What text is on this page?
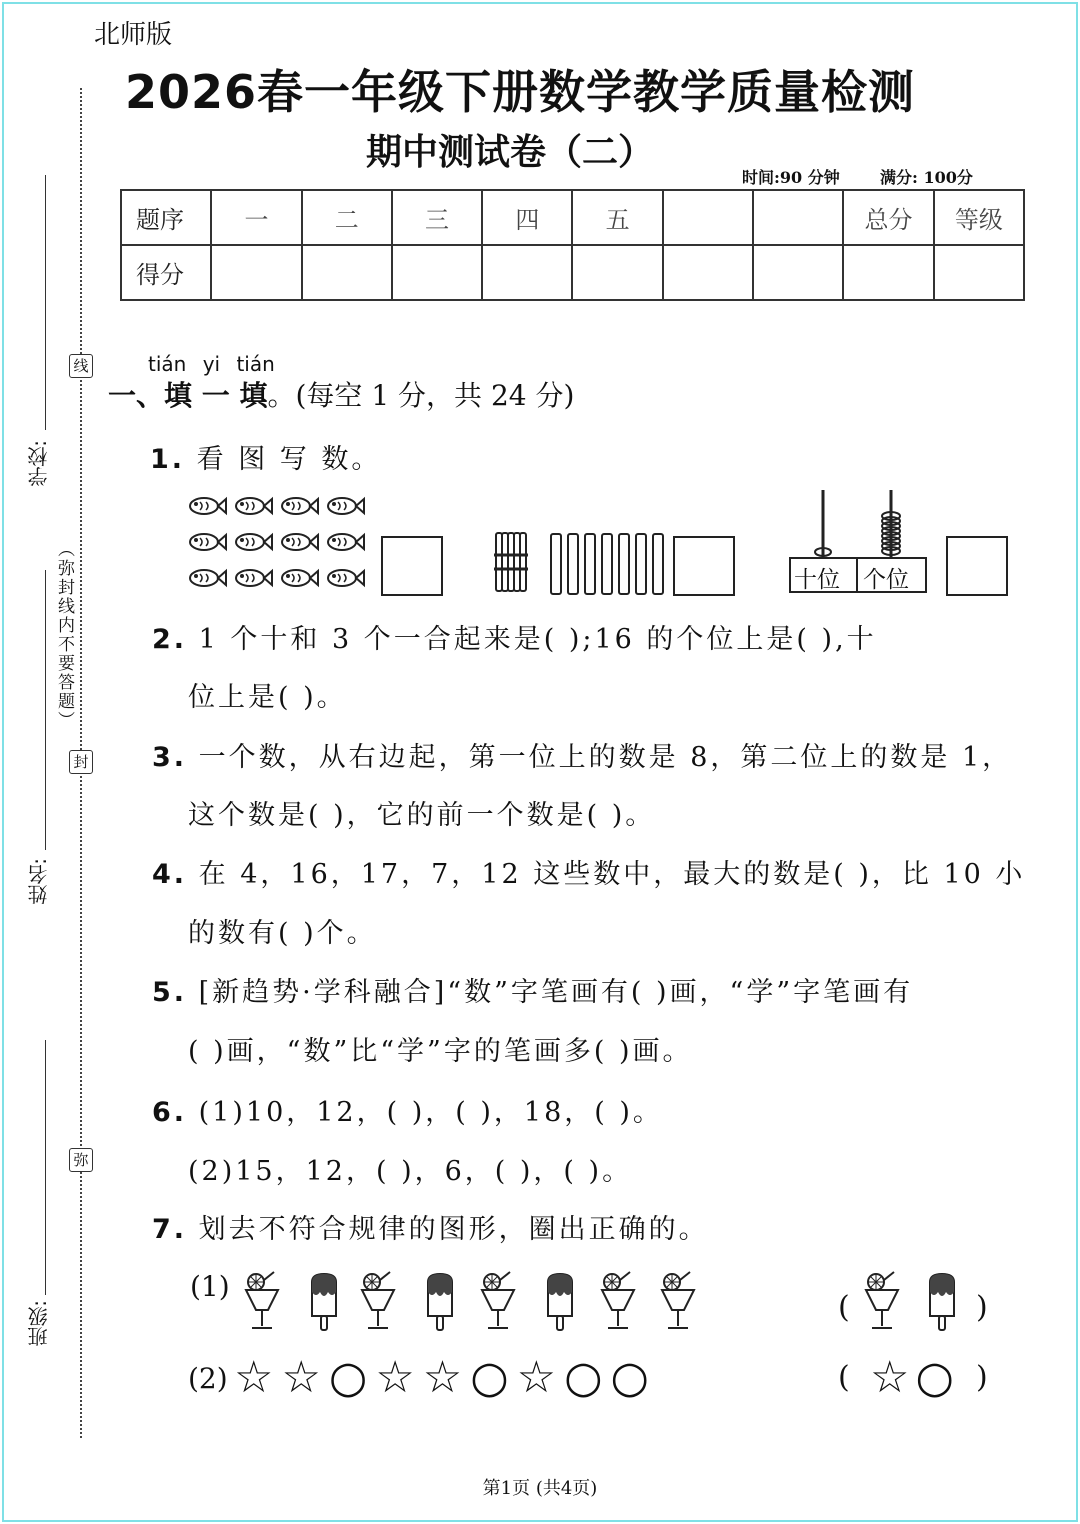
北师版
2026春一年级下册数学教学质量检测
期中测试卷（二）
时间:90 分钟	满分: 100分
题序	一	二	三	四	五			总分	等级
得分									
学校:
姓名:
班级:
线
封
弥
（弥封线内不要答题）
tián yi tián
一、填 一 填。(每空 1 分，共 24 分)
1. 看 图 写 数。
十位 个位
2. 1 个十和 3 个一合起来是( );16 的个位上是( ),十
位上是( )。
3. 一个数，从右边起，第一位上的数是 8，第二位上的数是 1，
这个数是( )，它的前一个数是( )。
4. 在 4，16，17，7，12 这些数中，最大的数是( )，比 10 小
的数有( )个。
5. [新趋势·学科融合]“数”字笔画有( )画，“学”字笔画有
( )画，“数”比“学”字的笔画多( )画。
6. (1)10，12，( )，( )，18，( )。
(2)15，12，( )，6，( )，( )。
7. 划去不符合规律的图形，圈出正确的。
(1)
(	)
(2) ☆☆○☆☆○☆○○	( ☆○ )
第1页 (共4页)
